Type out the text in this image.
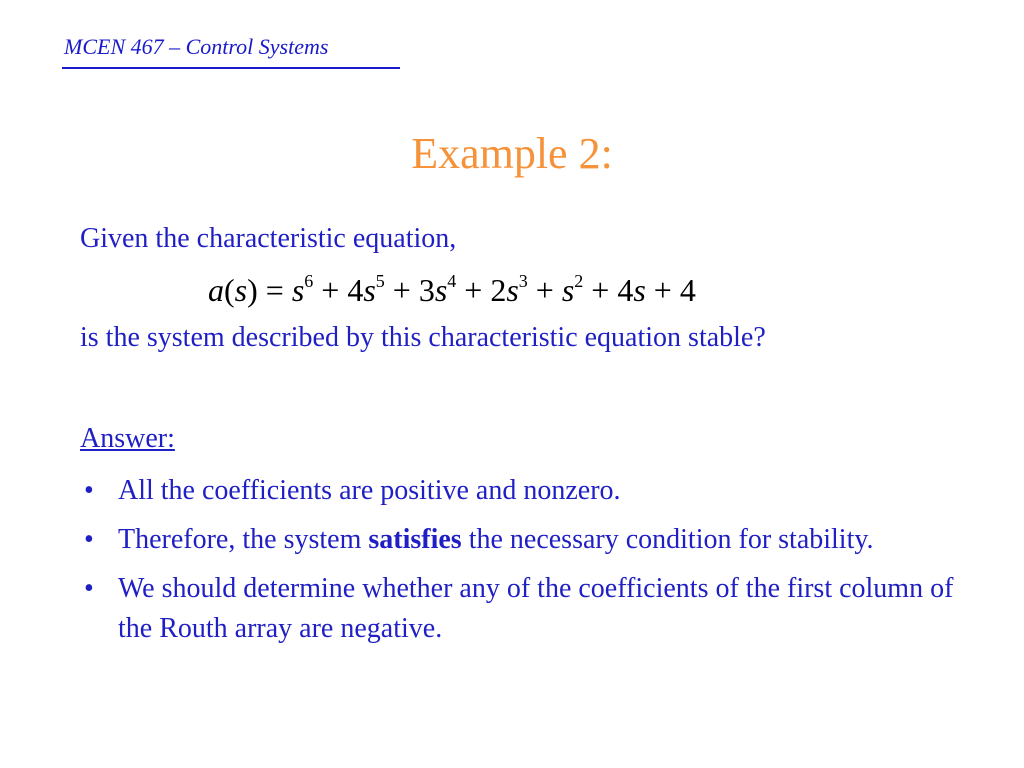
MCEN 467 – Control Systems
Example 2:
Given the characteristic equation,
$a(s) = s^6 + 4s^5 + 3s^4 + 2s^3 + s^2 + 4s + 4$
is the system described by this characteristic equation stable?
Answer:
• All the coefficients are positive and nonzero.
• Therefore, the system satisfies the necessary condition for stability.
• We should determine whether any of the coefficients of the first column of the Routh array are negative.
